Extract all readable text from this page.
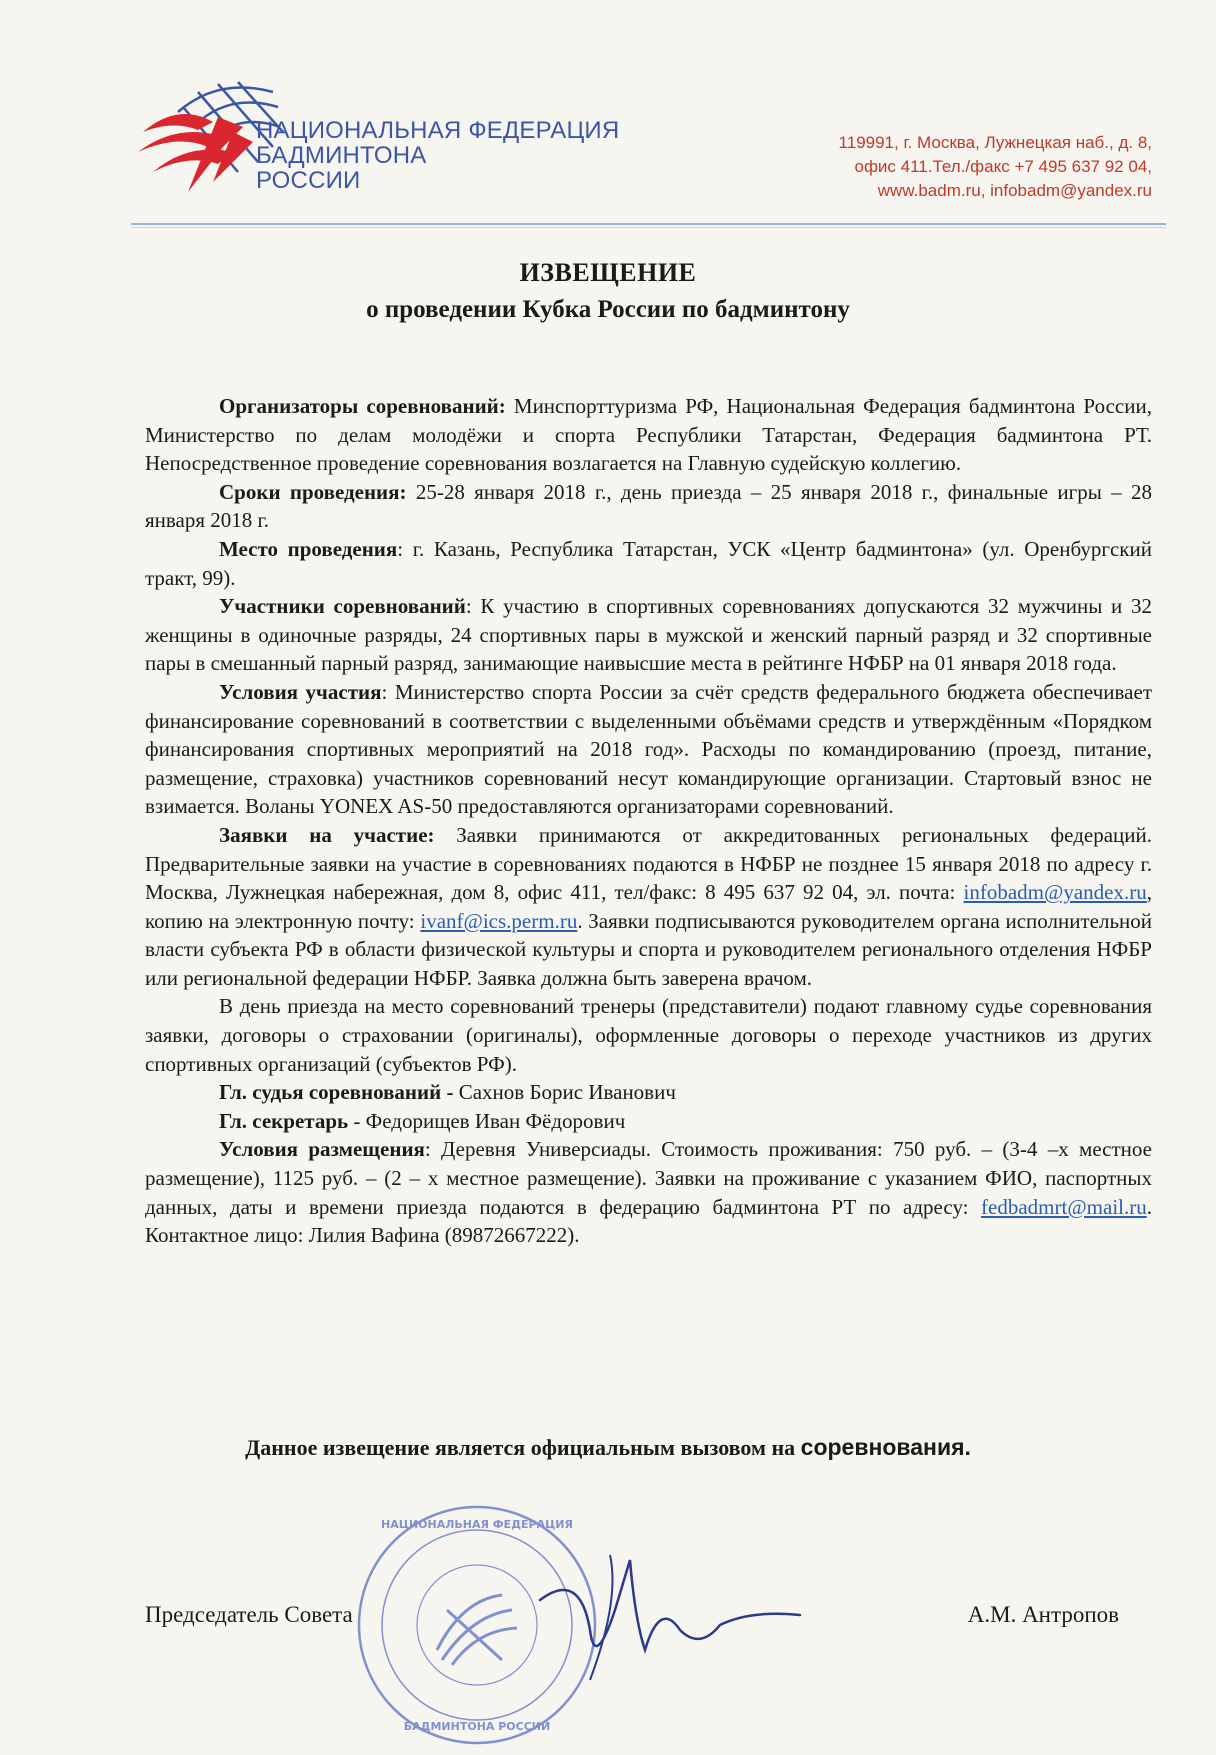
НАЦИОНАЛЬНАЯ ФЕДЕРАЦИЯ
БАДМИНТОНА
РОССИИ
119991, г. Москва, Лужнецкая наб., д. 8,
офис 411.Тел./факс +7 495 637 92 04,
www.badm.ru, infobadm@yandex.ru
ИЗВЕЩЕНИЕ
о проведении Кубка России по бадминтону

Организаторы соревнований: Минспорттуризма РФ, Национальная Федерация бадминтона России, Министерство по делам молодёжи и спорта Республики Татарстан, Федерация бадминтона РТ. Непосредственное проведение соревнования возлагается на Главную судейскую коллегию.

Сроки проведения: 25-28 января 2018 г., день приезда – 25 января 2018 г., финальные игры – 28 января 2018 г.

Место проведения: г. Казань, Республика Татарстан, УСК «Центр бадминтона» (ул. Оренбургский тракт, 99).

Участники соревнований: К участию в спортивных соревнованиях допускаются 32 мужчины и 32 женщины в одиночные разряды, 24 спортивных пары в мужской и женский парный разряд и 32 спортивные пары в смешанный парный разряд, занимающие наивысшие места в рейтинге НФБР на 01 января 2018 года.

Условия участия: Министерство спорта России за счёт средств федерального бюджета обеспечивает финансирование соревнований в соответствии с выделенными объёмами средств и утверждённым «Порядком финансирования спортивных мероприятий на 2018 год». Расходы по командированию (проезд, питание, размещение, страховка) участников соревнований несут командирующие организации. Стартовый взнос не взимается. Воланы YONEX AS-50 предоставляются организаторами соревнований.

Заявки на участие: Заявки принимаются от аккредитованных региональных федераций. Предварительные заявки на участие в соревнованиях подаются в НФБР не позднее 15 января 2018 по адресу г. Москва, Лужнецкая набережная, дом 8, офис 411, тел/факс: 8 495 637 92 04, эл. почта: infobadm@yandex.ru, копию на электронную почту: ivanf@ics.perm.ru. Заявки подписываются руководителем органа исполнительной власти субъекта РФ в области физической культуры и спорта и руководителем регионального отделения НФБР или региональной федерации НФБР. Заявка должна быть заверена врачом.

В день приезда на место соревнований тренеры (представители) подают главному судье соревнования заявки, договоры о страховании (оригиналы), оформленные договоры о переходе участников из других спортивных организаций (субъектов РФ).

Гл. судья соревнований - Сахнов Борис Иванович

Гл. секретарь - Федорищев Иван Фёдорович

Условия размещения: Деревня Универсиады. Стоимость проживания: 750 руб. – (3-4 –х местное размещение), 1125 руб. – (2 – х местное размещение). Заявки на проживание с указанием ФИО, паспортных данных, даты и времени приезда подаются в федерацию бадминтона РТ по адресу: fedbadmrt@mail.ru. Контактное лицо: Лилия Вафина (89872667222).

Данное извещение является официальным вызовом на соревнования.
НАЦИОНАЛЬНАЯ ФЕДЕРАЦИЯ
БАДМИНТОНА РОССИИ
Председатель Совета	А.М. Антропов
